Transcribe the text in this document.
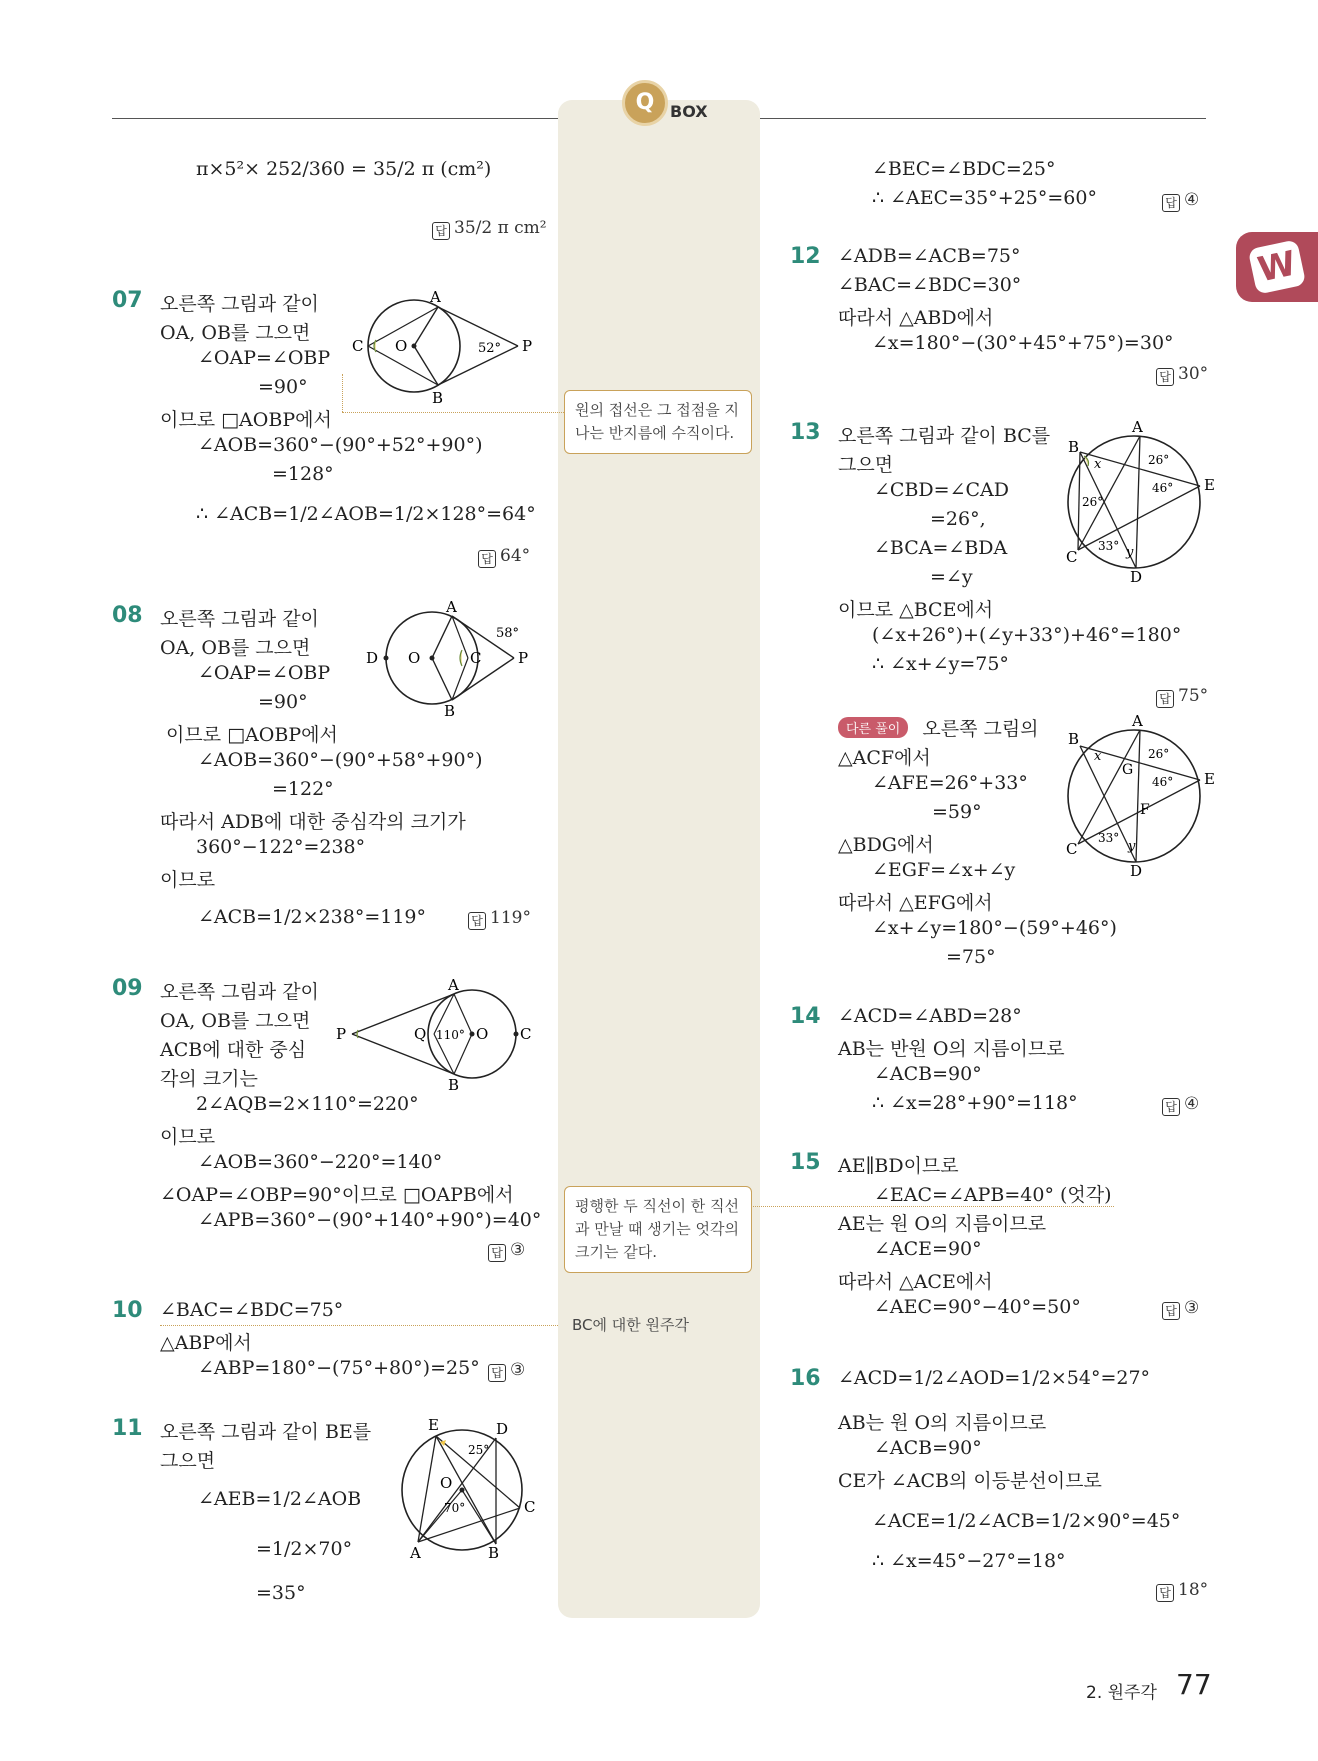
Q BOX
W
π×5²× 252/360 = 35/2 π (cm²)
답 35/2 π cm²
07 오른쪽 그림과 같이
OA, OB를 그으면
∠OAP=∠OBP
=90°
이므로 □AOBP에서
∠AOB=360°−(90°+52°+90°)
=128°
∴ ∠ACB=1/2∠AOB=1/2×128°=64°
답 64°
A
B
C O	P
52°
08 오른쪽 그림과 같이
OA, OB를 그으면
∠OAP=∠OBP
=90°
이므로 □AOBP에서
∠AOB=360°−(90°+58°+90°)
=122°
따라서 ADB에 대한 중심각의 크기가
360°−122°=238°
이므로
∠ACB=1/2×238°=119°	답 119°
A
B
C
D O	P
58°
09 오른쪽 그림과 같이
OA, OB를 그으면
ACB에 대한 중심
각의 크기는
2∠AQB=2×110°=220°
이므로
∠AOB=360°−220°=140°
∠OAP=∠OBP=90°이므로 □OAPB에서
∠APB=360°−(90°+140°+90°)=40°
답 ③
A
B
C
O
P	Q 110°
10 ∠BAC=∠BDC=75°
△ABP에서
∠ABP=180°−(75°+80°)=25° 답 ③
11 오른쪽 그림과 같이 BE를
그으면
∠AEB=1/2∠AOB
=1/2×70°
=35°
E	D
C
A	B
O
25°
70°
원의 접선은 그 접점을 지나는 반지름에 수직이다.
평행한 두 직선이 한 직선과 만날 때 생기는 엇각의 크기는 같다.
BC에 대한 원주각
∠BEC=∠BDC=25°
∴ ∠AEC=35°+25°=60°	답 ④
12 ∠ADB=∠ACB=75°
∠BAC=∠BDC=30°
따라서 △ABD에서
∠x=180°−(30°+45°+75°)=30°
답 30°
13 오른쪽 그림과 같이 BC를
그으면
∠CBD=∠CAD
=26°,
∠BCA=∠BDA
=∠y
이므로 △BCE에서
(∠x+26°)+(∠y+33°)+46°=180°
∴ ∠x+∠y=75°
답 75°
A
B
C
D
E
x
y
26°
46°
33°
26°
다른 풀이 오른쪽 그림의
△ACF에서
∠AFE=26°+33°
=59°
△BDG에서
∠EGF=∠x+∠y
따라서 △EFG에서
∠x+∠y=180°−(59°+46°)
=75°
A
B
C
D
E
F
G
x
y
26°
46°
33°
14 ∠ACD=∠ABD=28°
AB는 반원 O의 지름이므로
∠ACB=90°
∴ ∠x=28°+90°=118°	답 ④
15 AE∥BD이므로
∠EAC=∠APB=40° (엇각)
AE는 원 O의 지름이므로
∠ACE=90°
따라서 △ACE에서
∠AEC=90°−40°=50°	답 ③
16 ∠ACD=1/2∠AOD=1/2×54°=27°
AB는 원 O의 지름이므로
∠ACB=90°
CE가 ∠ACB의 이등분선이므로
∠ACE=1/2∠ACB=1/2×90°=45°
∴ ∠x=45°−27°=18°
답 18°
2. 원주각 77
